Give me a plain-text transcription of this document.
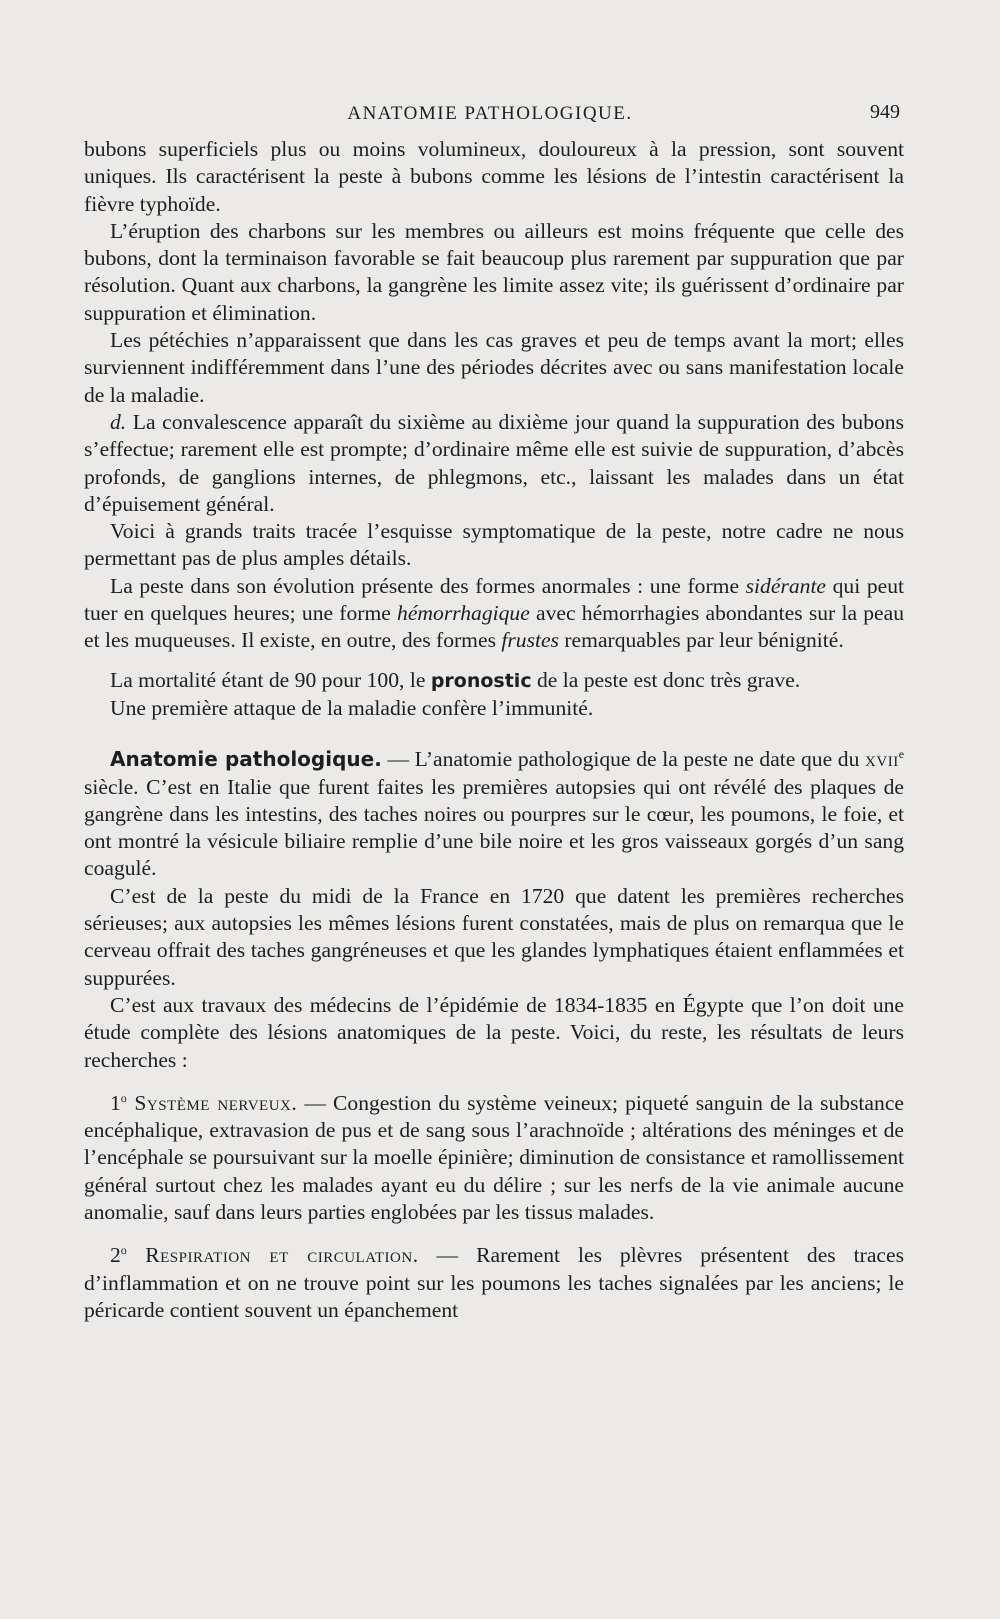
ANATOMIE PATHOLOGIQUE.	949

bubons superficiels plus ou moins volumineux, douloureux à la pression, sont souvent uniques. Ils caractérisent la peste à bubons comme les lésions de l’intestin caractérisent la fièvre typhoïde.

L’éruption des charbons sur les membres ou ailleurs est moins fréquente que celle des bubons, dont la terminaison favorable se fait beaucoup plus rarement par suppuration que par résolution. Quant aux charbons, la gangrène les limite assez vite; ils guérissent d’ordinaire par suppuration et élimination.

Les pétéchies n’apparaissent que dans les cas graves et peu de temps avant la mort; elles surviennent indifféremment dans l’une des périodes décrites avec ou sans manifestation locale de la maladie.

d. La convalescence apparaît du sixième au dixième jour quand la suppuration des bubons s’effectue; rarement elle est prompte; d’ordinaire même elle est suivie de suppuration, d’abcès profonds, de ganglions internes, de phlegmons, etc., laissant les malades dans un état d’épuisement général.

Voici à grands traits tracée l’esquisse symptomatique de la peste, notre cadre ne nous permettant pas de plus amples détails.

La peste dans son évolution présente des formes anormales : une forme sidérante qui peut tuer en quelques heures; une forme hémorrhagique avec hémorrhagies abondantes sur la peau et les muqueuses. Il existe, en outre, des formes frustes remarquables par leur bénignité.

La mortalité étant de 90 pour 100, le pronostic de la peste est donc très grave.

Une première attaque de la maladie confère l’immunité.

Anatomie pathologique. — L’anatomie pathologique de la peste ne date que du xvii$^e$ siècle. C’est en Italie que furent faites les premières autopsies qui ont révélé des plaques de gangrène dans les intestins, des taches noires ou pourpres sur le cœur, les poumons, le foie, et ont montré la vésicule biliaire remplie d’une bile noire et les gros vaisseaux gorgés d’un sang coagulé.

C’est de la peste du midi de la France en 1720 que datent les premières recherches sérieuses; aux autopsies les mêmes lésions furent constatées, mais de plus on remarqua que le cerveau offrait des taches gangréneuses et que les glandes lymphatiques étaient enflammées et suppurées.

C’est aux travaux des médecins de l’épidémie de 1834-1835 en Égypte que l’on doit une étude complète des lésions anatomiques de la peste. Voici, du reste, les résultats de leurs recherches :

1$^o$ Système nerveux. — Congestion du système veineux; piqueté sanguin de la substance encéphalique, extravasion de pus et de sang sous l’arachnoïde ; altérations des méninges et de l’encéphale se poursuivant sur la moelle épinière; diminution de consistance et ramollissement général surtout chez les malades ayant eu du délire ; sur les nerfs de la vie animale aucune anomalie, sauf dans leurs parties englobées par les tissus malades.

2$^o$ Respiration et circulation. — Rarement les plèvres présentent des traces d’inflammation et on ne trouve point sur les poumons les taches signalées par les anciens; le péricarde contient souvent un épanchement
